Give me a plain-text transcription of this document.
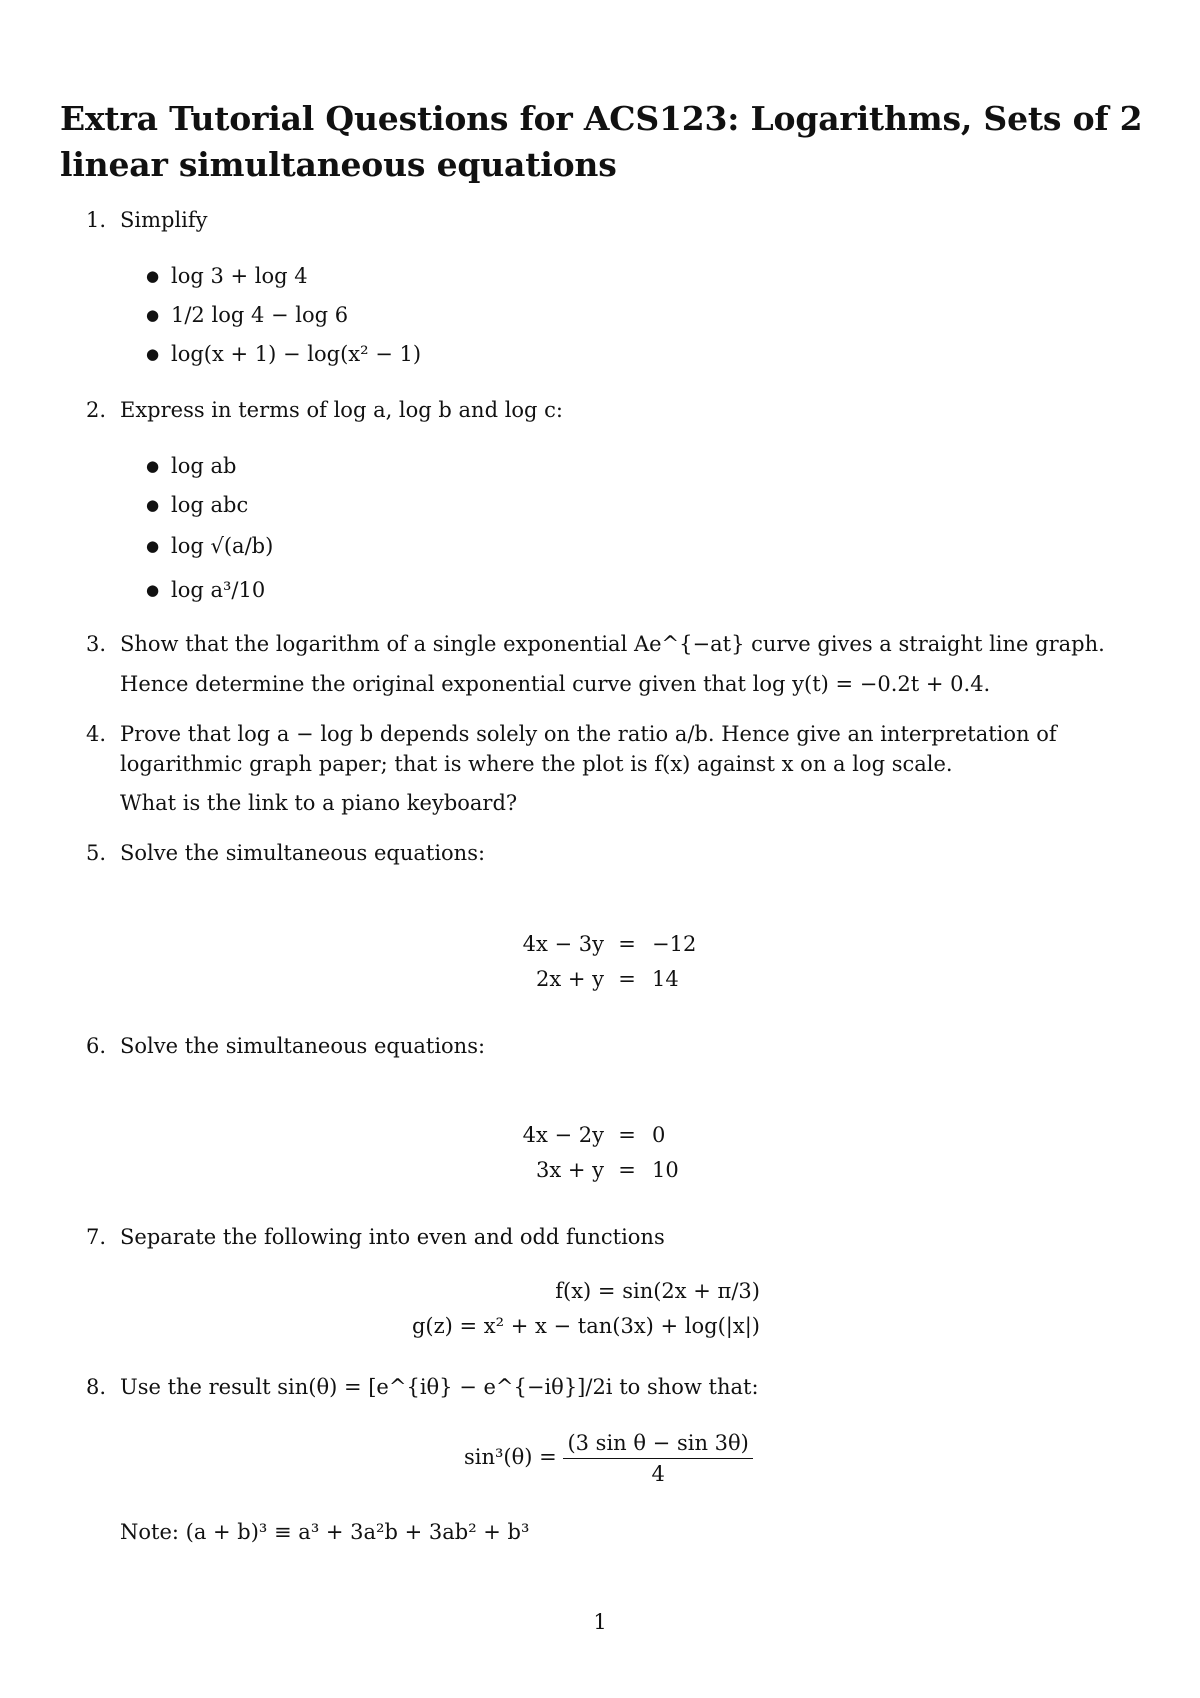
Extra Tutorial Questions for ACS123: Logarithms, Sets of 2 linear simultaneous equations
1. Simplify
● log 3 + log 4
● 1/2 log 4 − log 6
● log(x + 1) − log(x² − 1)
2. Express in terms of log a, log b and log c:
● log ab
● log abc
● log √(a/b)
● log a³/10
3. Show that the logarithm of a single exponential Ae^{−at} curve gives a straight line graph.
Hence determine the original exponential curve given that log y(t) = −0.2t + 0.4.
4. Prove that log a − log b depends solely on the ratio a/b. Hence give an interpretation of logarithmic graph paper; that is where the plot is f(x) against x on a log scale.
What is the link to a piano keyboard?
5. Solve the simultaneous equations:
4x − 3y = −12
2x + y = 14
6. Solve the simultaneous equations:
4x − 2y = 0
3x + y = 10
7. Separate the following into even and odd functions
f(x) = sin(2x + π/3)
g(z) = x² + x − tan(3x) + log(|x|)
8. Use the result sin(θ) = [e^{iθ} − e^{−iθ}]/2i to show that:
$\sin^3(\theta) = \frac{\text{(3 sin θ − sin 3θ)}}{4}$
Note: (a + b)³ ≡ a³ + 3a²b + 3ab² + b³
1
